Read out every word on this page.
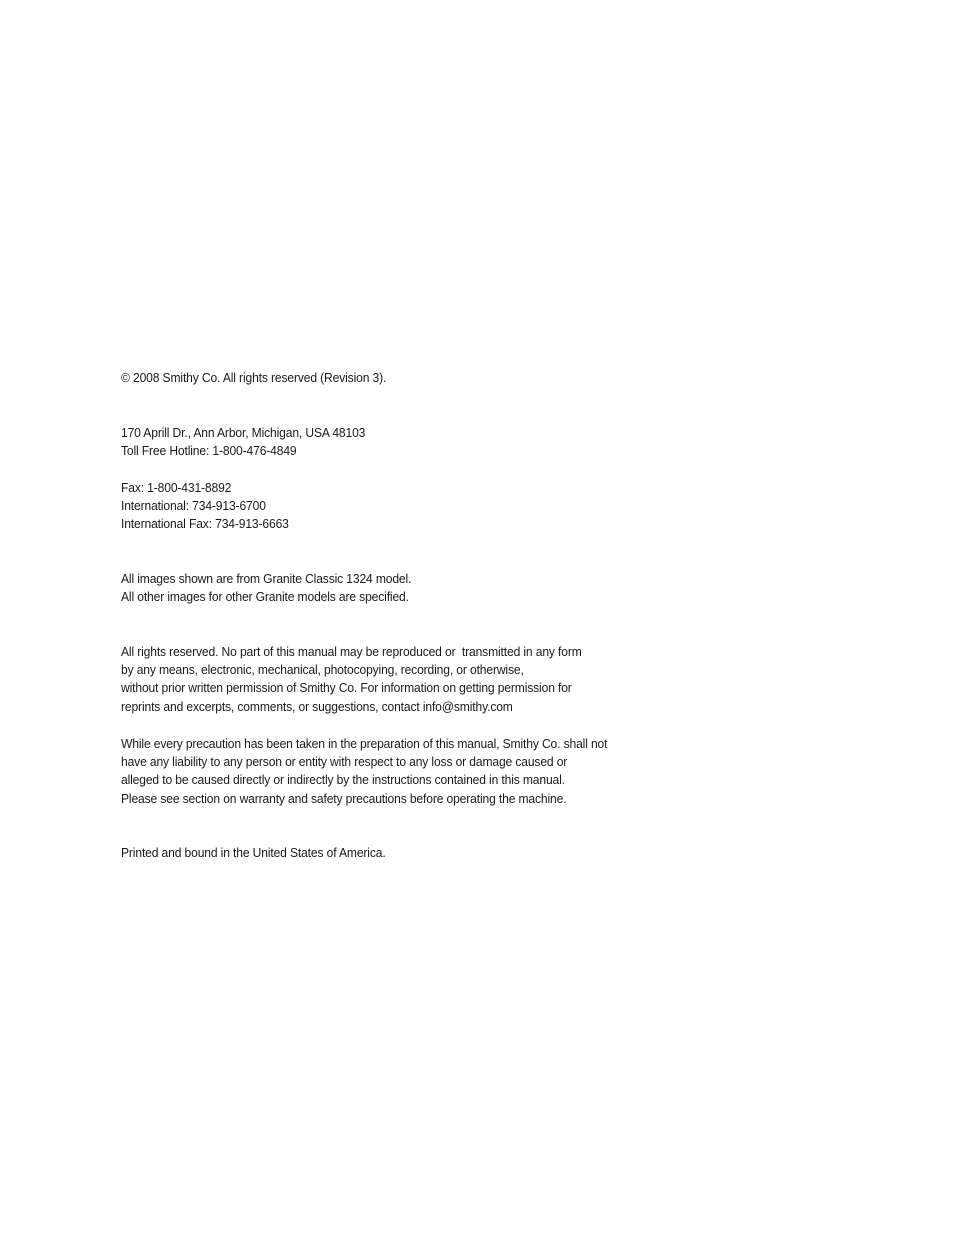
© 2008 Smithy Co. All rights reserved (Revision 3).
170 Aprill Dr., Ann Arbor, Michigan, USA 48103
Toll Free Hotline: 1-800-476-4849
Fax: 1-800-431-8892
International: 734-913-6700
International Fax: 734-913-6663
All images shown are from Granite Classic 1324 model.
All other images for other Granite models are specified.
All rights reserved. No part of this manual may be reproduced or  transmitted in any form
by any means, electronic, mechanical, photocopying, recording, or otherwise,
without prior written permission of Smithy Co. For information on getting permission for
reprints and excerpts, comments, or suggestions, contact info@smithy.com
While every precaution has been taken in the preparation of this manual, Smithy Co. shall not
have any liability to any person or entity with respect to any loss or damage caused or
alleged to be caused directly or indirectly by the instructions contained in this manual.
Please see section on warranty and safety precautions before operating the machine.
Printed and bound in the United States of America.
